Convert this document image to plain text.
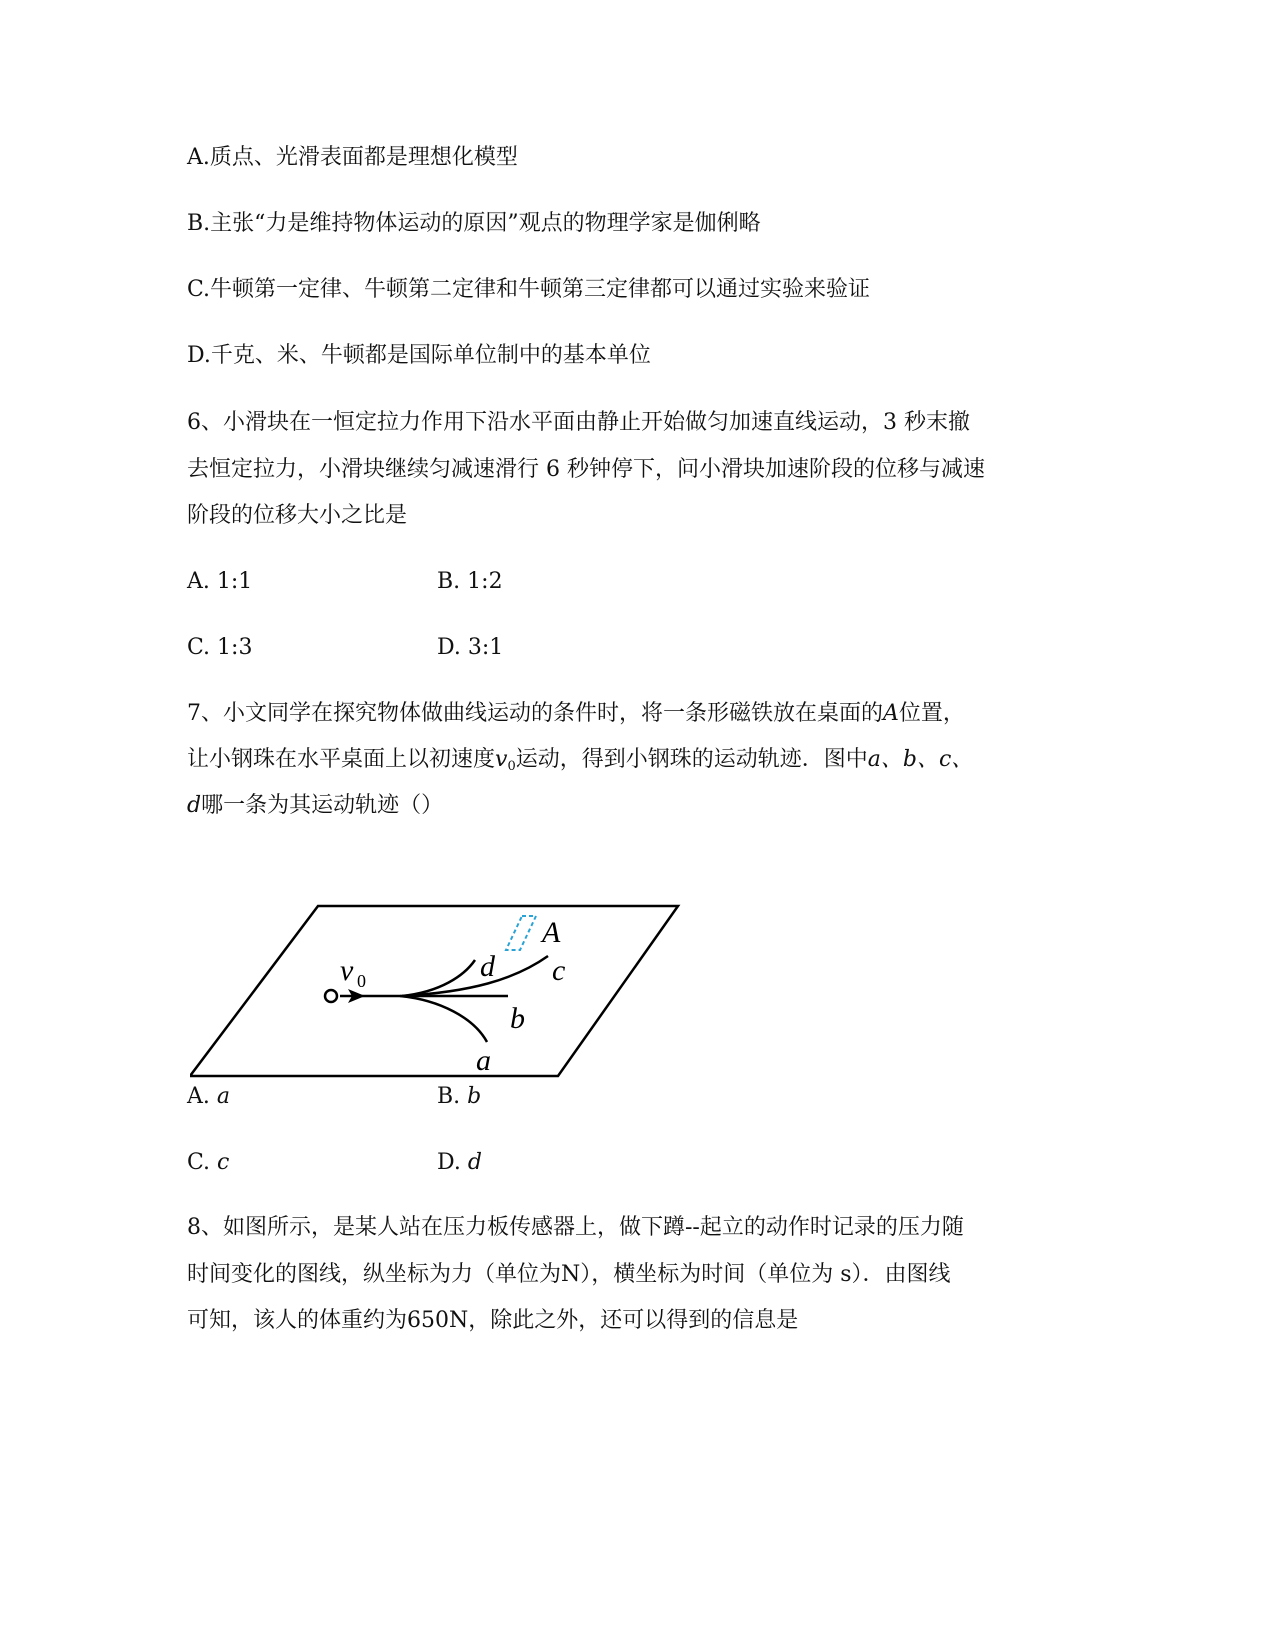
A.质点、光滑表面都是理想化模型
B.主张“力是维持物体运动的原因”观点的物理学家是伽俐略
C.牛顿第一定律、牛顿第二定律和牛顿第三定律都可以通过实验来验证
D.千克、米、牛顿都是国际单位制中的基本单位
6、小滑块在一恒定拉力作用下沿水平面由静止开始做匀加速直线运动，3 秒末撤
去恒定拉力，小滑块继续匀减速滑行 6 秒钟停下，问小滑块加速阶段的位移与减速
阶段的位移大小之比是
A. 1:1	B. 1:2
C. 1:3	D. 3:1
7、小文同学在探究物体做曲线运动的条件时，将一条形磁铁放在桌面的A位置，
让小钢珠在水平桌面上以初速度$v_0$运动，得到小钢珠的运动轨迹．图中a、b、c、
d哪一条为其运动轨迹（）
v 0
A
d c
b
a
A. a	B. b
C. c	D. d
8、如图所示，是某人站在压力板传感器上，做下蹲--起立的动作时记录的压力随
时间变化的图线，纵坐标为力（单位为N），横坐标为时间（单位为 s）．由图线
可知，该人的体重约为650N，除此之外，还可以得到的信息是
